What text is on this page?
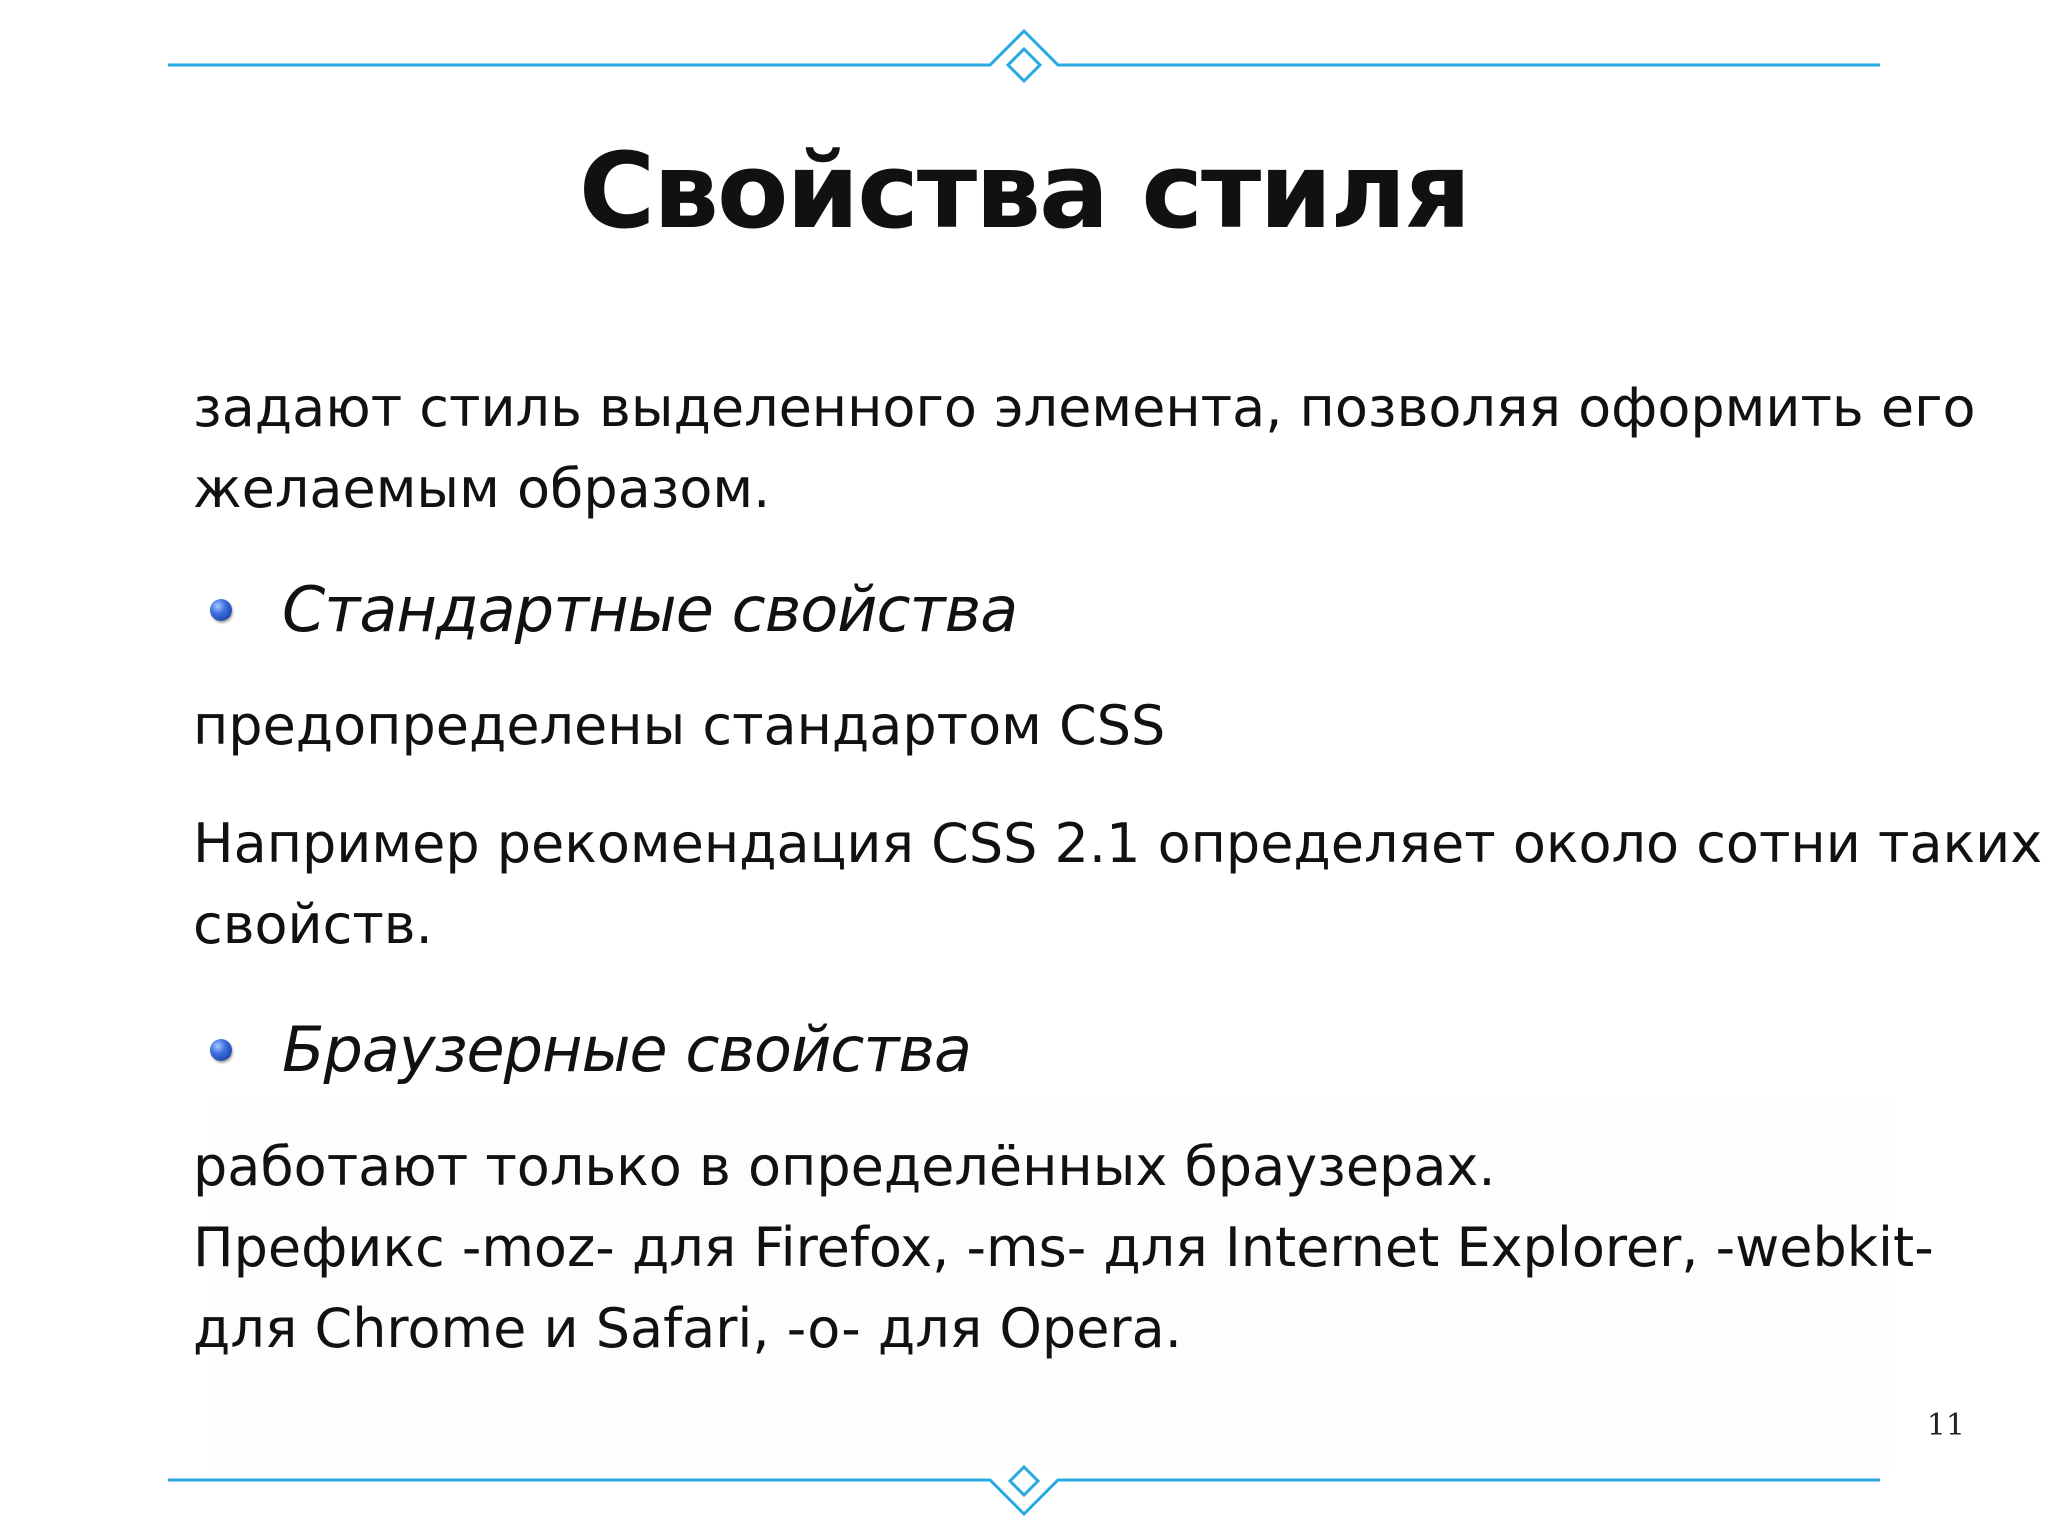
Свойства стиля
задают стиль выделенного элемента, позволяя оформить его
желаемым образом.
Стандартные свойства
предопределены стандартом CSS
Например рекомендация CSS 2.1 определяет около сотни таких
свойств.
Браузерные свойства
работают только в определённых браузерах.
Префикс -moz- для Firefox, -ms- для Internet Explorer, -webkit-
для Chrome и Safari, -o- для Opera.
11
